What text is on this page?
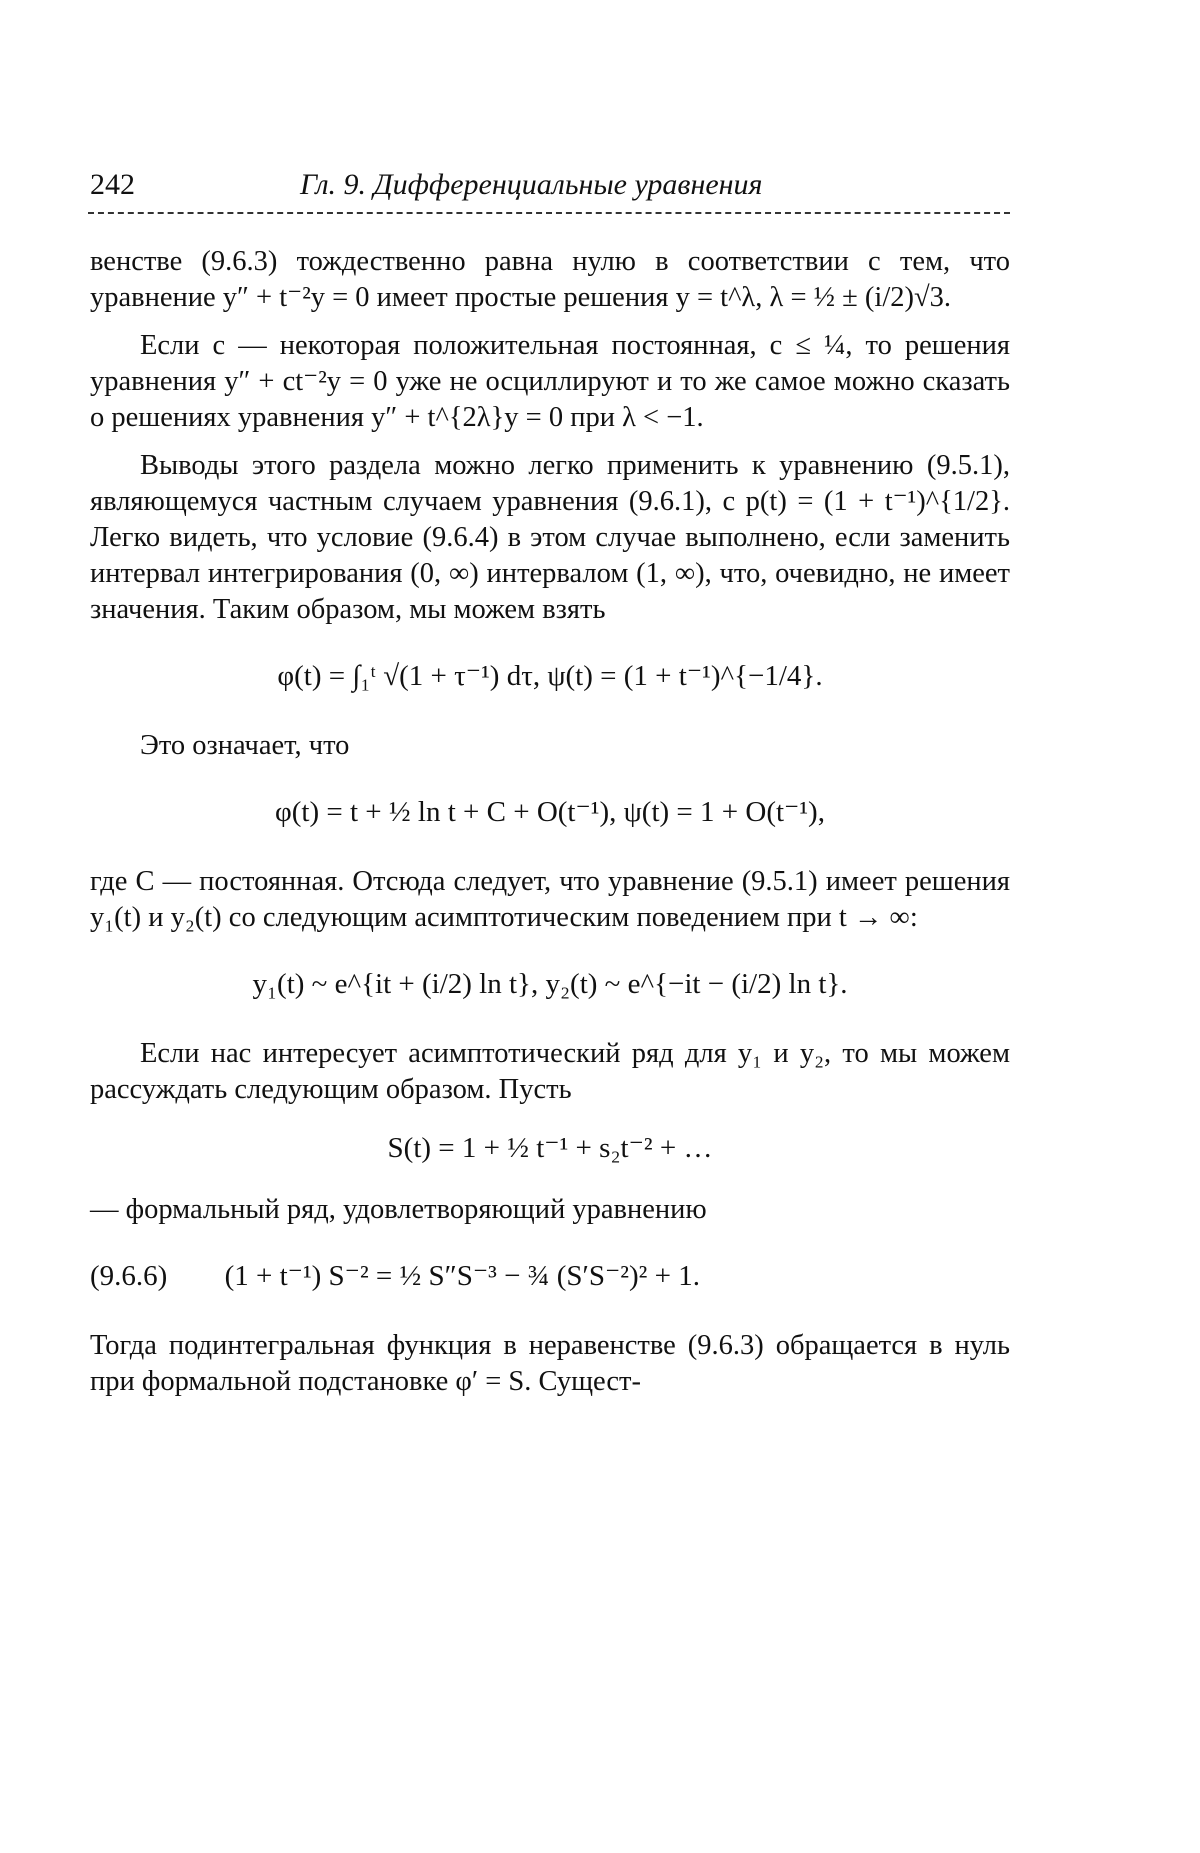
242	Гл. 9. Дифференциальные уравнения

венстве (9.6.3) тождественно равна нулю в соответствии с тем, что уравнение y″ + t⁻²y = 0 имеет простые решения y = t^λ, λ = ½ ± (i/2)√3.

Если c — некоторая положительная постоянная, c ≤ ¼, то решения уравнения y″ + ct⁻²y = 0 уже не осциллируют и то же самое можно сказать о решениях уравнения y″ + t^{2λ}y = 0 при λ < −1.

Выводы этого раздела можно легко применить к уравнению (9.5.1), являющемуся частным случаем уравнения (9.6.1), с p(t) = (1 + t⁻¹)^{1/2}. Легко видеть, что условие (9.6.4) в этом случае выполнено, если заменить интервал интегрирования (0, ∞) интервалом (1, ∞), что, очевидно, не имеет значения. Таким образом, мы можем взять

φ(t) = ∫₁ᵗ √(1 + τ⁻¹) dτ, ψ(t) = (1 + t⁻¹)^{−1/4}.

Это означает, что

φ(t) = t + ½ ln t + C + O(t⁻¹), ψ(t) = 1 + O(t⁻¹),

где C — постоянная. Отсюда следует, что уравнение (9.5.1) имеет решения y₁(t) и y₂(t) со следующим асимптотическим поведением при t → ∞:

y₁(t) ~ e^{it + (i/2) ln t}, y₂(t) ~ e^{−it − (i/2) ln t}.

Если нас интересует асимптотический ряд для y₁ и y₂, то мы можем рассуждать следующим образом. Пусть

S(t) = 1 + ½ t⁻¹ + s₂t⁻² + …

— формальный ряд, удовлетворяющий уравнению

(9.6.6) (1 + t⁻¹) S⁻² = ½ S″S⁻³ − ¾ (S′S⁻²)² + 1.

Тогда подинтегральная функция в неравенстве (9.6.3) обращается в нуль при формальной подстановке φ′ = S. Сущест-
